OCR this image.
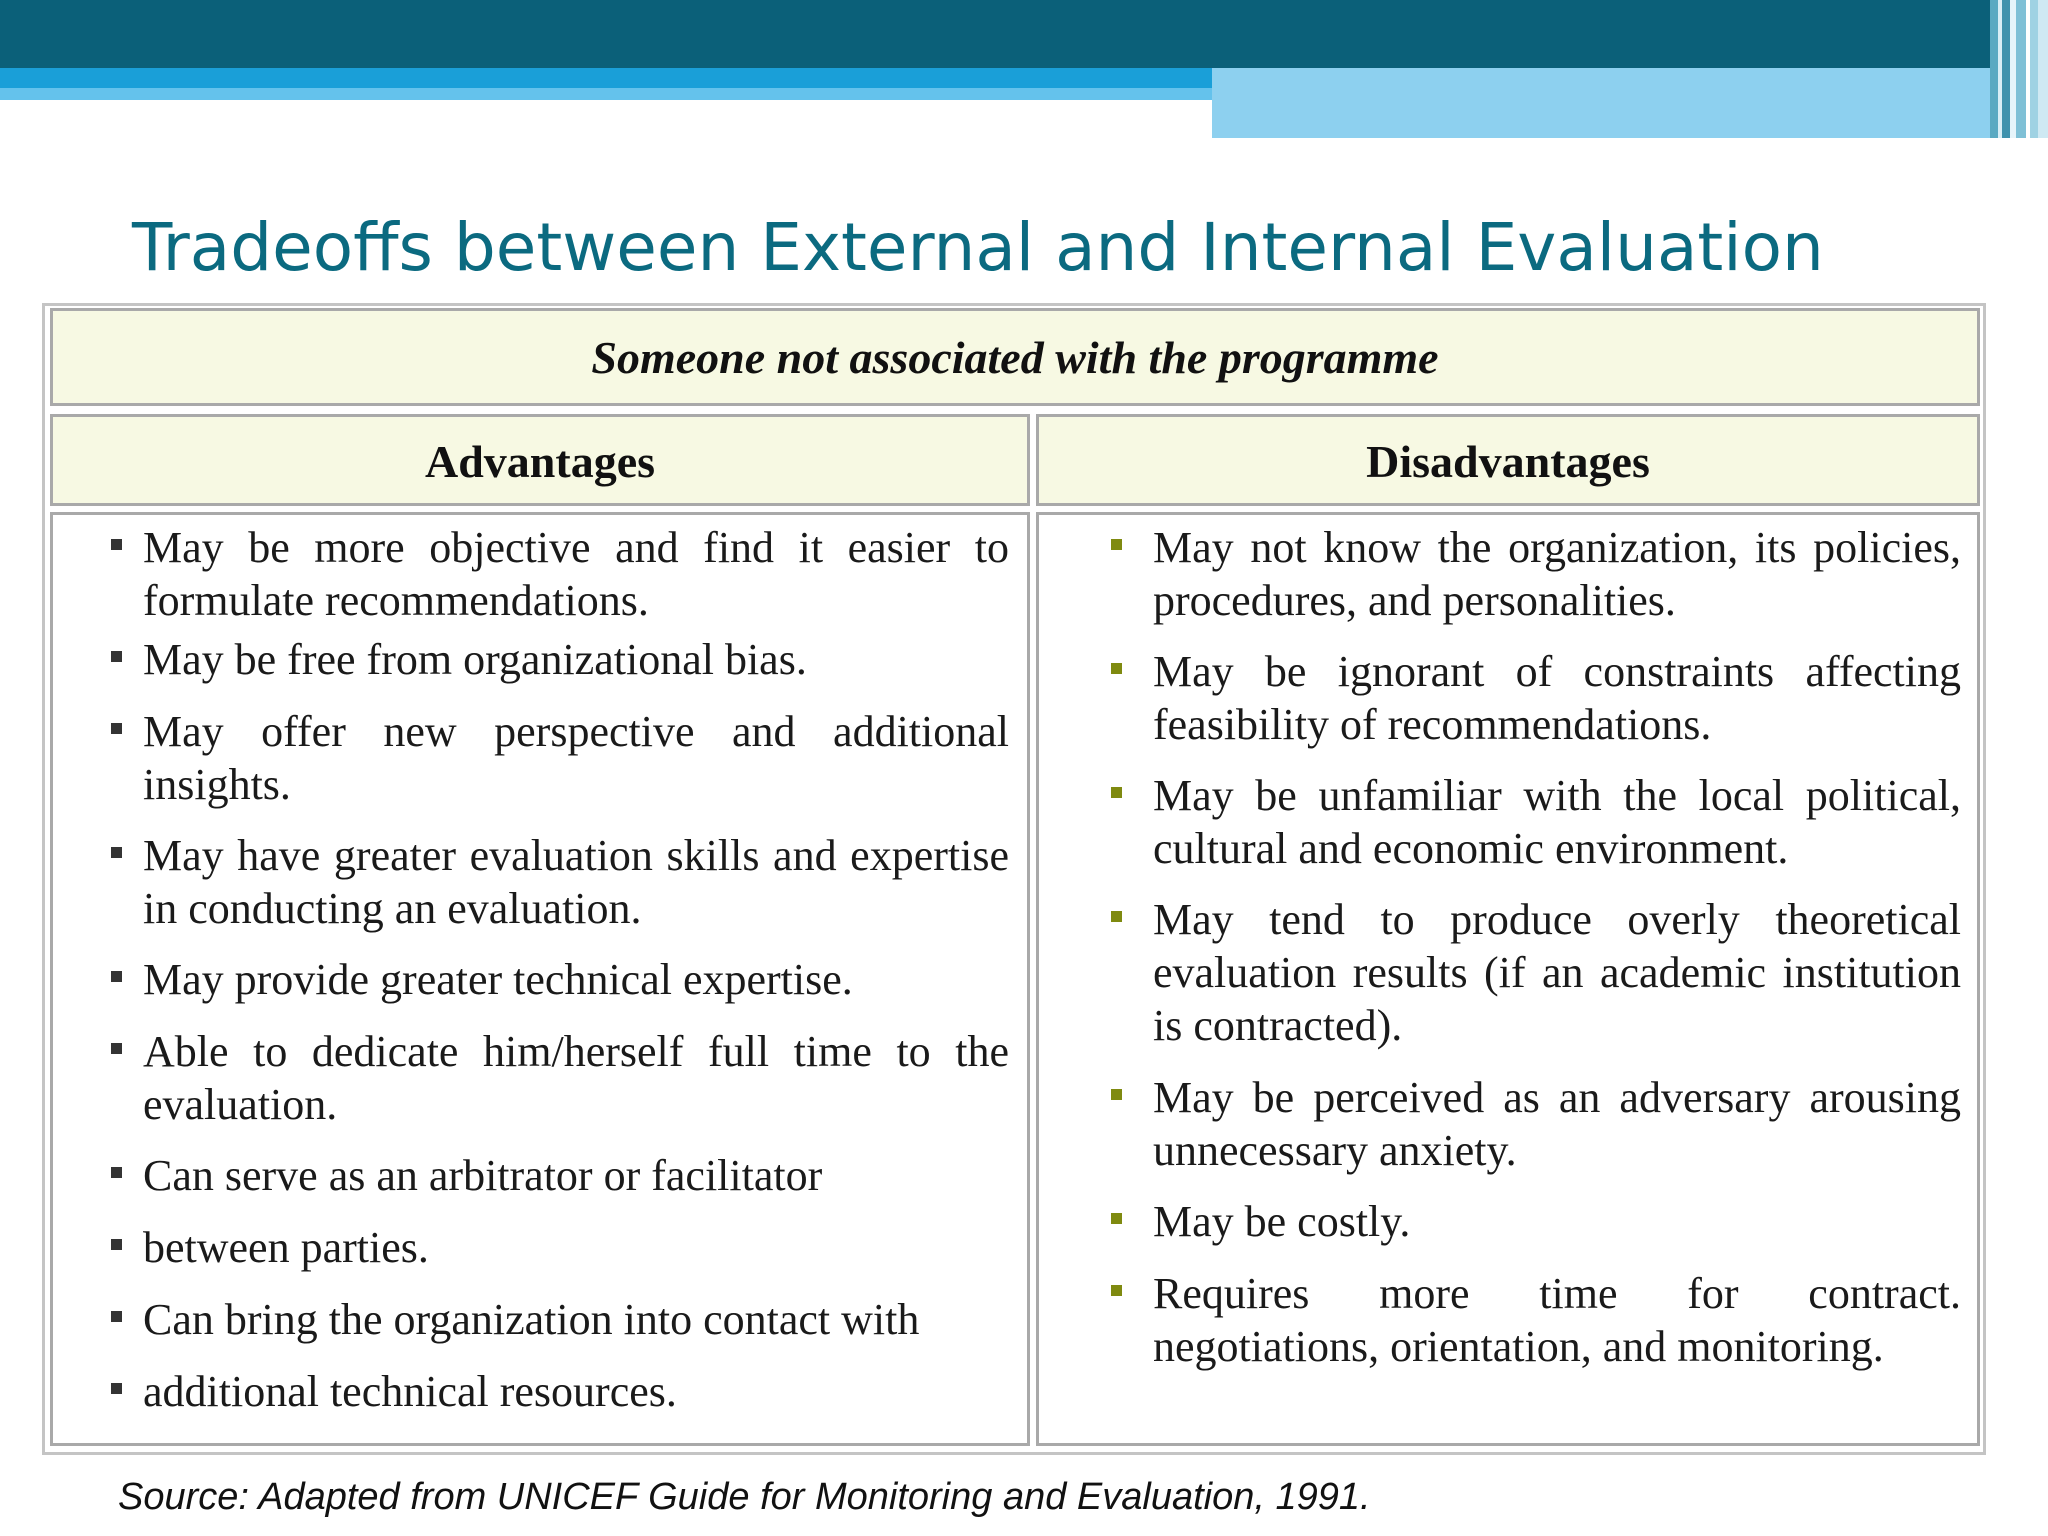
Tradeoffs between External and Internal Evaluation
Someone not associated with the programme
Advantages	Disadvantages
May be more objective and find it easier to formulate recommendations.
May be free from organizational bias.
May offer new perspective and additional insights.
May have greater evaluation skills and expertise in conducting an evaluation.
May provide greater technical expertise.
Able to dedicate him/herself full time to the evaluation.
Can serve as an arbitrator or facilitator
between parties.
Can bring the organization into contact with
additional technical resources.
May not know the organization, its policies, procedures, and personalities.
May be ignorant of constraints affecting feasibility of recommendations.
May be unfamiliar with the local political, cultural and economic environment.
May tend to produce overly theoretical evaluation results (if an academic institution is contracted).
May be perceived as an adversary arousing unnecessary anxiety.
May be costly.
Requires more time for contract. negotiations, orientation, and monitoring.

Source: Adapted from UNICEF Guide for Monitoring and Evaluation, 1991.
